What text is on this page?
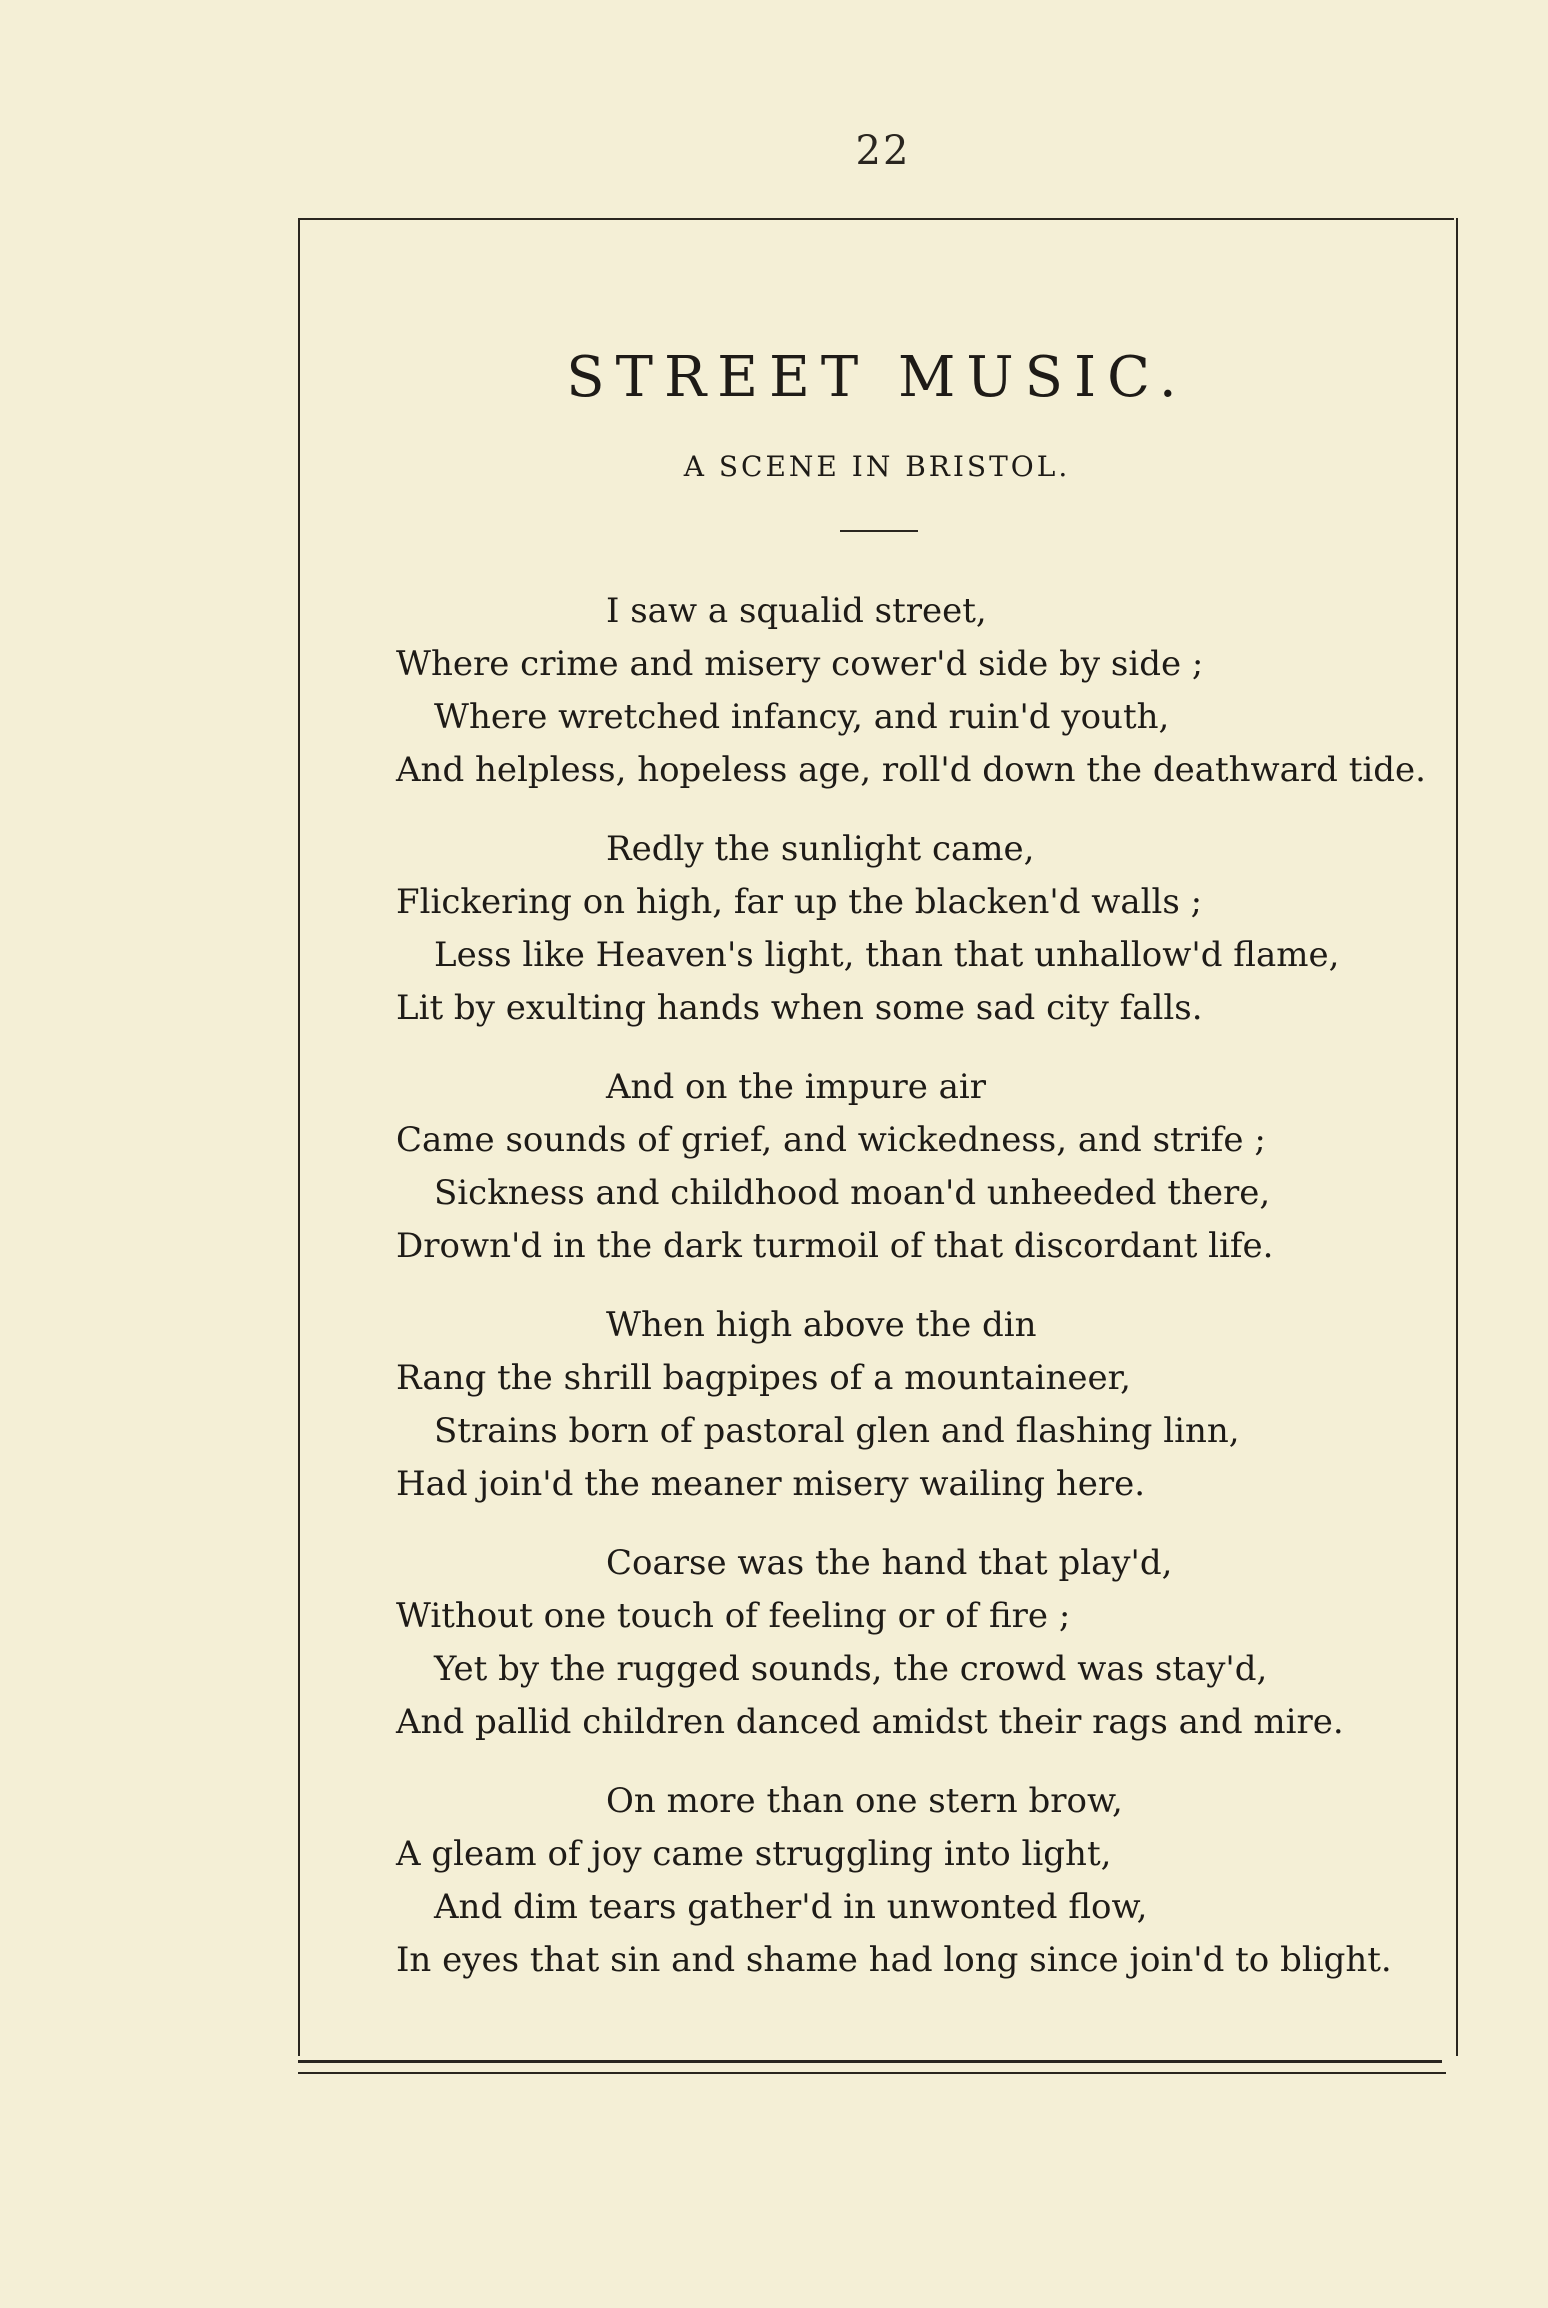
22
STREET MUSIC.
A SCENE IN BRISTOL.
I saw a squalid street,
Where crime and misery cower'd side by side ;
Where wretched infancy, and ruin'd youth,
And helpless, hopeless age, roll'd down the deathward tide.
Redly the sunlight came,
Flickering on high, far up the blacken'd walls ;
Less like Heaven's light, than that unhallow'd flame,
Lit by exulting hands when some sad city falls.
And on the impure air
Came sounds of grief, and wickedness, and strife ;
Sickness and childhood moan'd unheeded there,
Drown'd in the dark turmoil of that discordant life.
When high above the din
Rang the shrill bagpipes of a mountaineer,
Strains born of pastoral glen and flashing linn,
Had join'd the meaner misery wailing here.
Coarse was the hand that play'd,
Without one touch of feeling or of fire ;
Yet by the rugged sounds, the crowd was stay'd,
And pallid children danced amidst their rags and mire.
On more than one stern brow,
A gleam of joy came struggling into light,
And dim tears gather'd in unwonted flow,
In eyes that sin and shame had long since join'd to blight.
